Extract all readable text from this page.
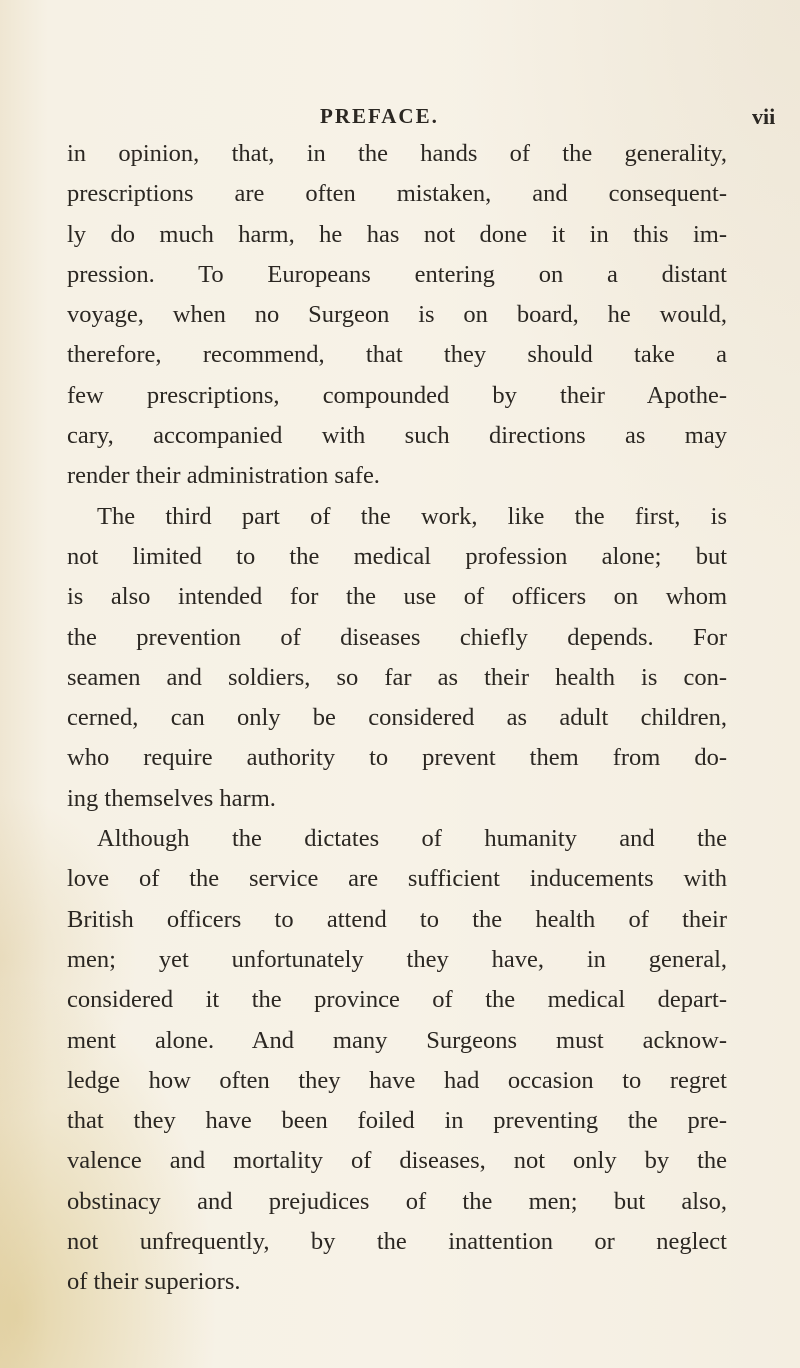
PREFACE.	vii
in opinion, that, in the hands of the generality,
prescriptions are often mistaken, and consequent-
ly do much harm, he has not done it in this im-
pression. To Europeans entering on a distant
voyage, when no Surgeon is on board, he would,
therefore, recommend, that they should take a
few prescriptions, compounded by their Apothe-
cary, accompanied with such directions as may
render their administration safe.
The third part of the work, like the first, is
not limited to the medical profession alone; but
is also intended for the use of officers on whom
the prevention of diseases chiefly depends. For
seamen and soldiers, so far as their health is con-
cerned, can only be considered as adult children,
who require authority to prevent them from do-
ing themselves harm.
Although the dictates of humanity and the
love of the service are sufficient inducements with
British officers to attend to the health of their
men; yet unfortunately they have, in general,
considered it the province of the medical depart-
ment alone. And many Surgeons must acknow-
ledge how often they have had occasion to regret
that they have been foiled in preventing the pre-
valence and mortality of diseases, not only by the
obstinacy and prejudices of the men; but also,
not unfrequently, by the inattention or neglect
of their superiors.
